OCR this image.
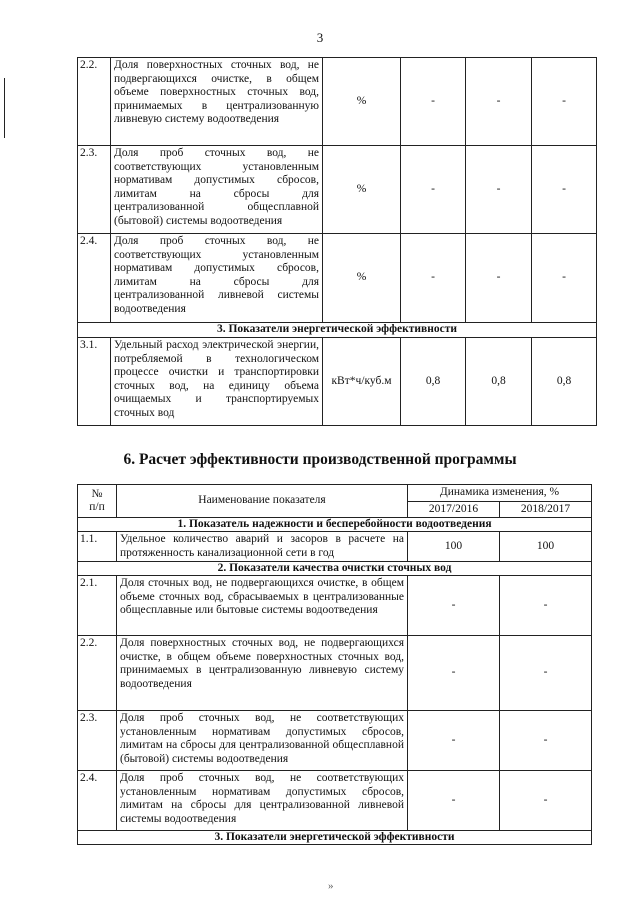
3
2.2.	Доля поверхностных сточных вод, не подвергающихся очистке, в общем объеме поверхностных сточных вод, принимаемых в централизованную ливневую систему водоотведения	%	-	-	-
2.3.	Доля проб сточных вод, не соответствующих установленным нормативам допустимых сбросов, лимитам на сбросы для централизованной общесплавной (бытовой) системы водоотведения	%	-	-	-
2.4.	Доля проб сточных вод, не соответствующих установленным нормативам допустимых сбросов, лимитам на сбросы для централизованной ливневой системы водоотведения	%	-	-	-
3. Показатели энергетической эффективности					
3.1.	Удельный расход электрической энергии, потребляемой в технологическом процессе очистки и транспортировки сточных вод, на единицу объема очищаемых и транспортируемых сточных вод	кВт*ч/куб.м	0,8	0,8	0,8
6. Расчет эффективности производственной программы
№
п/п	Наименование показателя	Динамика изменения, %	
		2017/2016	2018/2017
1. Показатель надежности и бесперебойности водоотведения			
1.1.	Удельное количество аварий и засоров в расчете на протяженность канализационной сети в год	100	100
2. Показатели качества очистки сточных вод			
2.1.	Доля сточных вод, не подвергающихся очистке, в общем объеме сточных вод, сбрасываемых в централизованные общесплавные или бытовые системы водоотведения	-	-
2.2.	Доля поверхностных сточных вод, не подвергающихся очистке, в общем объеме поверхностных сточных вод, принимаемых в централизованную ливневую систему водоотведения	-	-
2.3.	Доля проб сточных вод, не соответствующих установленным нормативам допустимых сбросов, лимитам на сбросы для централизованной общесплавной (бытовой) системы водоотведения	-	-
2.4.	Доля проб сточных вод, не соответствующих установленным нормативам допустимых сбросов, лимитам на сбросы для централизованной ливневой системы водоотведения	-	-
3. Показатели энергетической эффективности			
»
